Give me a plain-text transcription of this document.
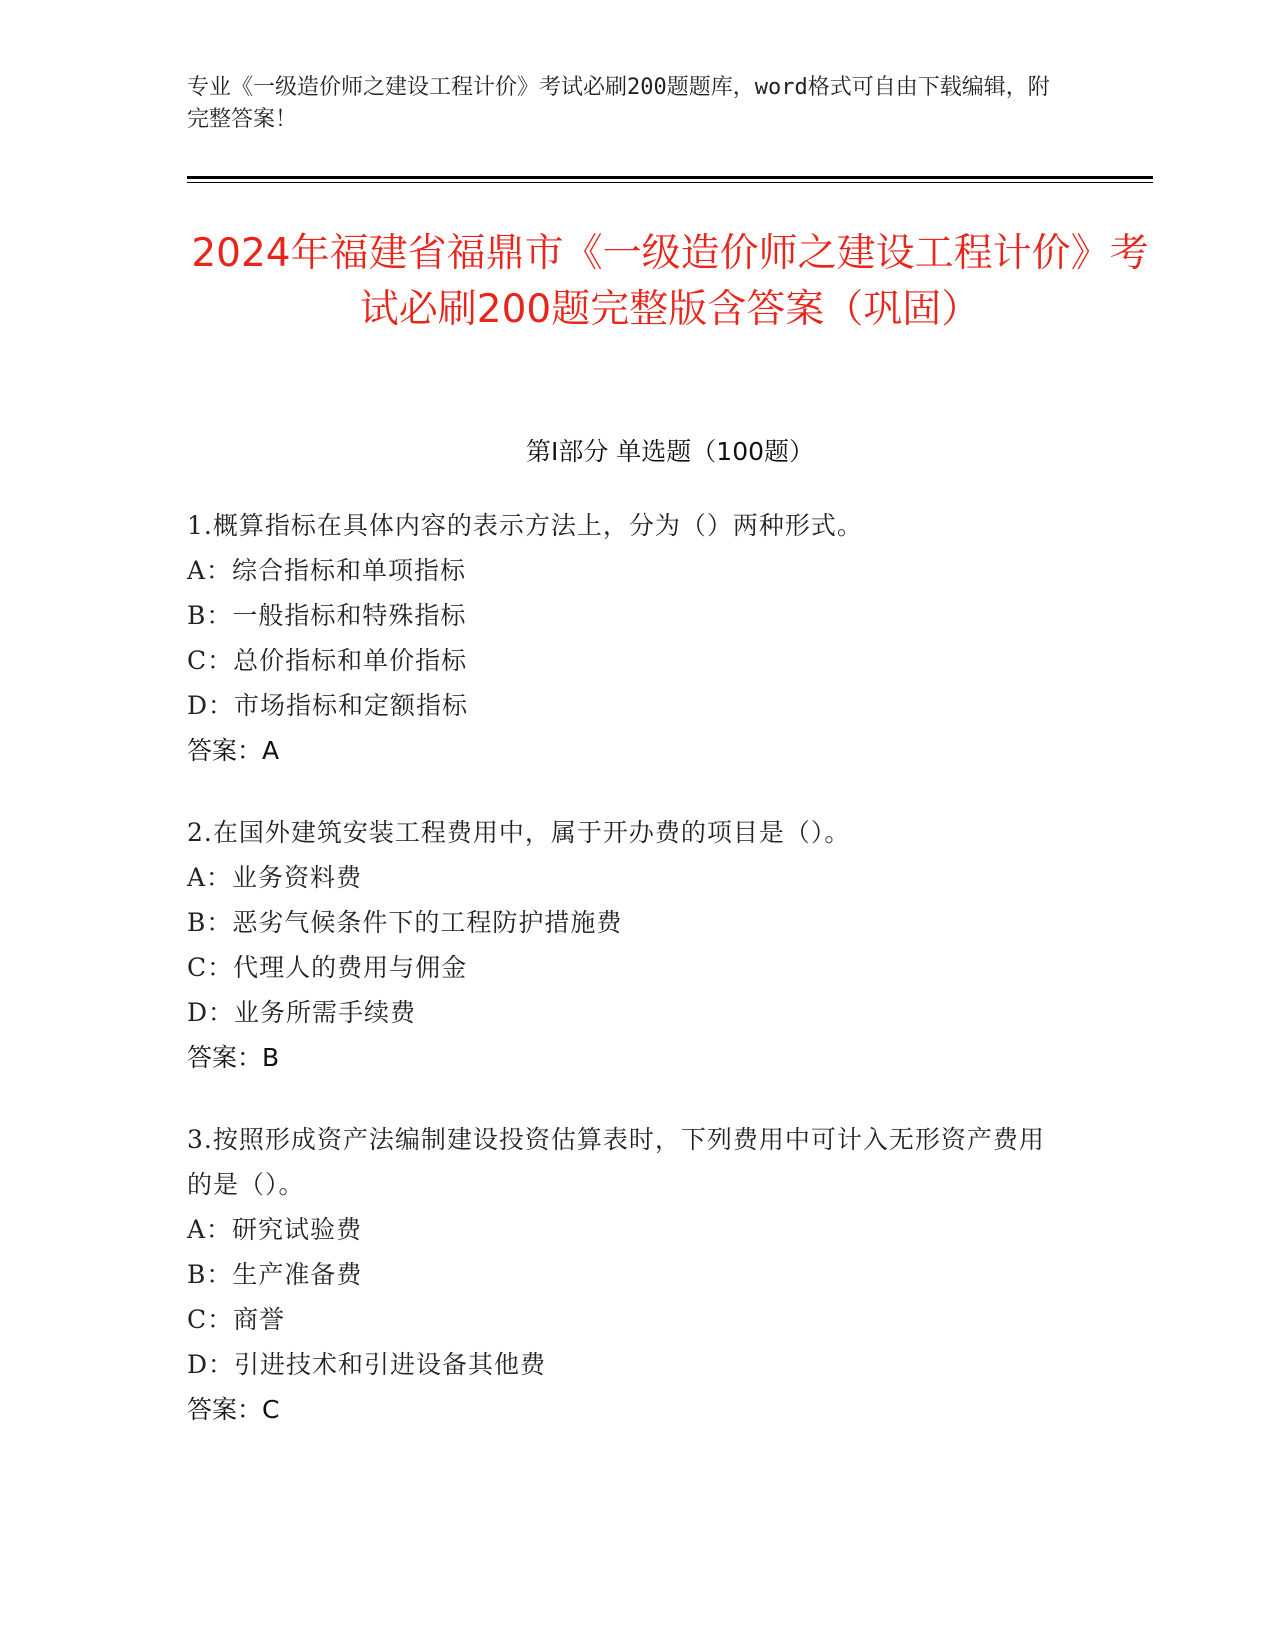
专业《一级造价师之建设工程计价》考试必刷200题题库，word格式可自由下载编辑，附完整答案！
2024年福建省福鼎市《一级造价师之建设工程计价》考试必刷200题完整版含答案（巩固）
第I部分 单选题（100题）

1.概算指标在具体内容的表示方法上，分为（）两种形式。

A：综合指标和单项指标

B：一般指标和特殊指标

C：总价指标和单价指标

D：市场指标和定额指标

答案：A

2.在国外建筑安装工程费用中，属于开办费的项目是（）。

A：业务资料费

B：恶劣气候条件下的工程防护措施费

C：代理人的费用与佣金

D：业务所需手续费

答案：B

3.按照形成资产法编制建设投资估算表时，下列费用中可计入无形资产费用的是（）。

A：研究试验费

B：生产准备费

C：商誉

D：引进技术和引进设备其他费

答案：C
